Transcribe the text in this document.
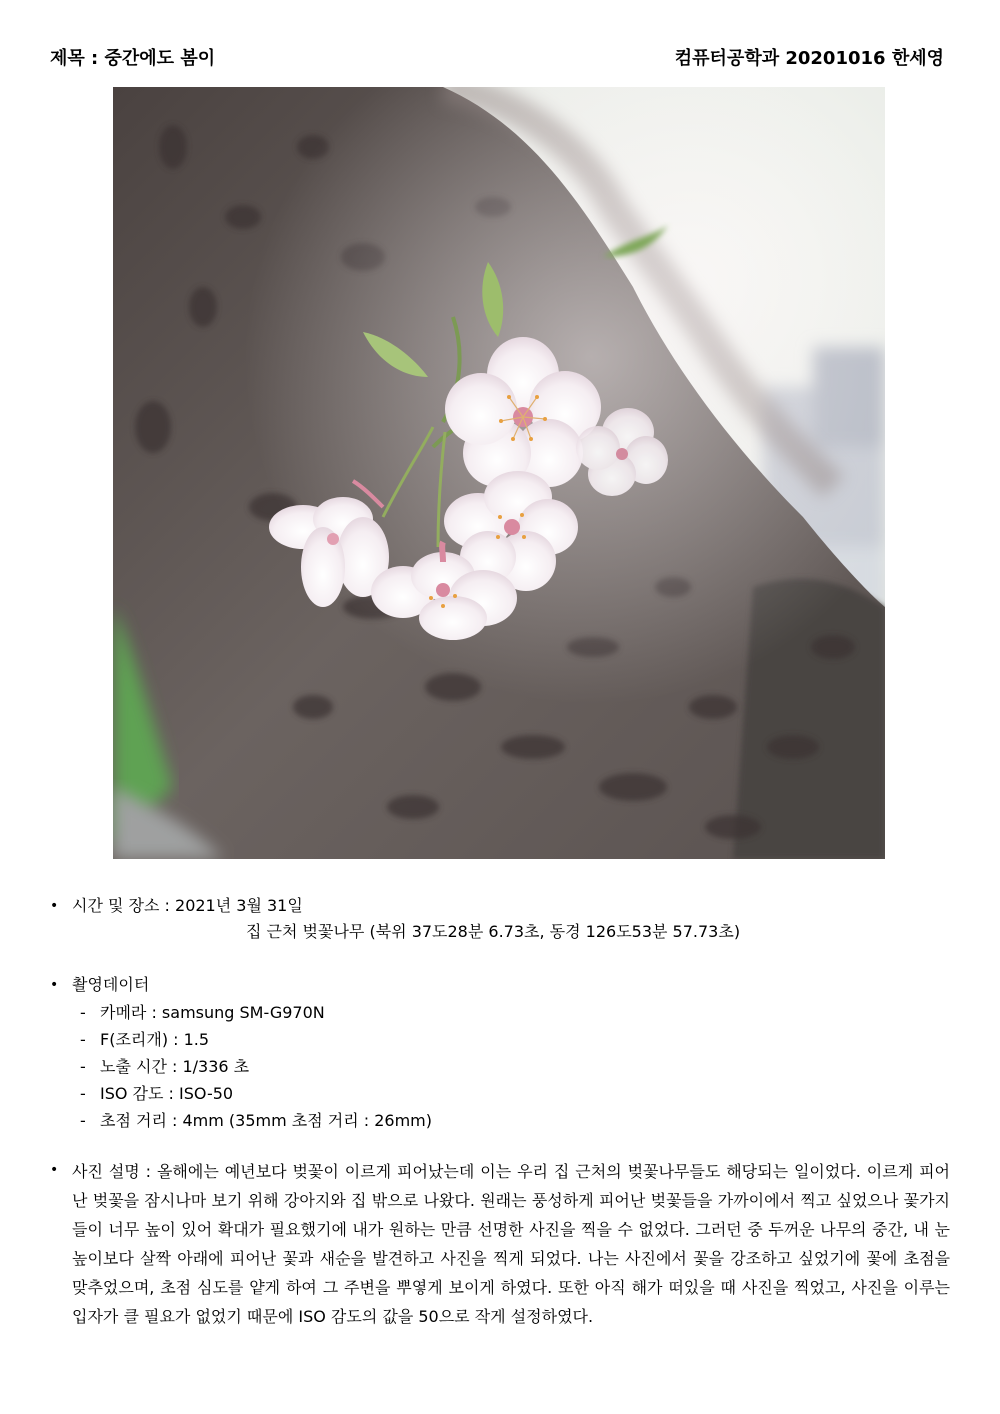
제목 : 중간에도 봄이	컴퓨터공학과 20201016 한세영
• 시간 및 장소 : 2021년 3월 31일
집 근처 벚꽃나무 (북위 37도28분 6.73초, 동경 126도53분 57.73초)
• 촬영데이터
- 카메라 : samsung SM-G970N
- F(조리개) : 1.5
- 노출 시간 : 1/336 초
- ISO 감도 : ISO-50
- 초점 거리 : 4mm (35mm 초점 거리 : 26mm)
• 사진 설명 : 올해에는 예년보다 벚꽃이 이르게 피어났는데 이는 우리 집 근처의 벚꽃나무들도 해당되는 일이었다. 이르게 피어난 벚꽃을 잠시나마 보기 위해 강아지와 집 밖으로 나왔다. 원래는 풍성하게 피어난 벚꽃들을 가까이에서 찍고 싶었으나 꽃가지들이 너무 높이 있어 확대가 필요했기에 내가 원하는 만큼 선명한 사진을 찍을 수 없었다. 그러던 중 두꺼운 나무의 중간, 내 눈높이보다 살짝 아래에 피어난 꽃과 새순을 발견하고 사진을 찍게 되었다. 나는 사진에서 꽃을 강조하고 싶었기에 꽃에 초점을 맞추었으며, 초점 심도를 얕게 하여 그 주변을 뿌옇게 보이게 하였다. 또한 아직 해가 떠있을 때 사진을 찍었고, 사진을 이루는 입자가 클 필요가 없었기 때문에 ISO 감도의 값을 50으로 작게 설정하였다.
